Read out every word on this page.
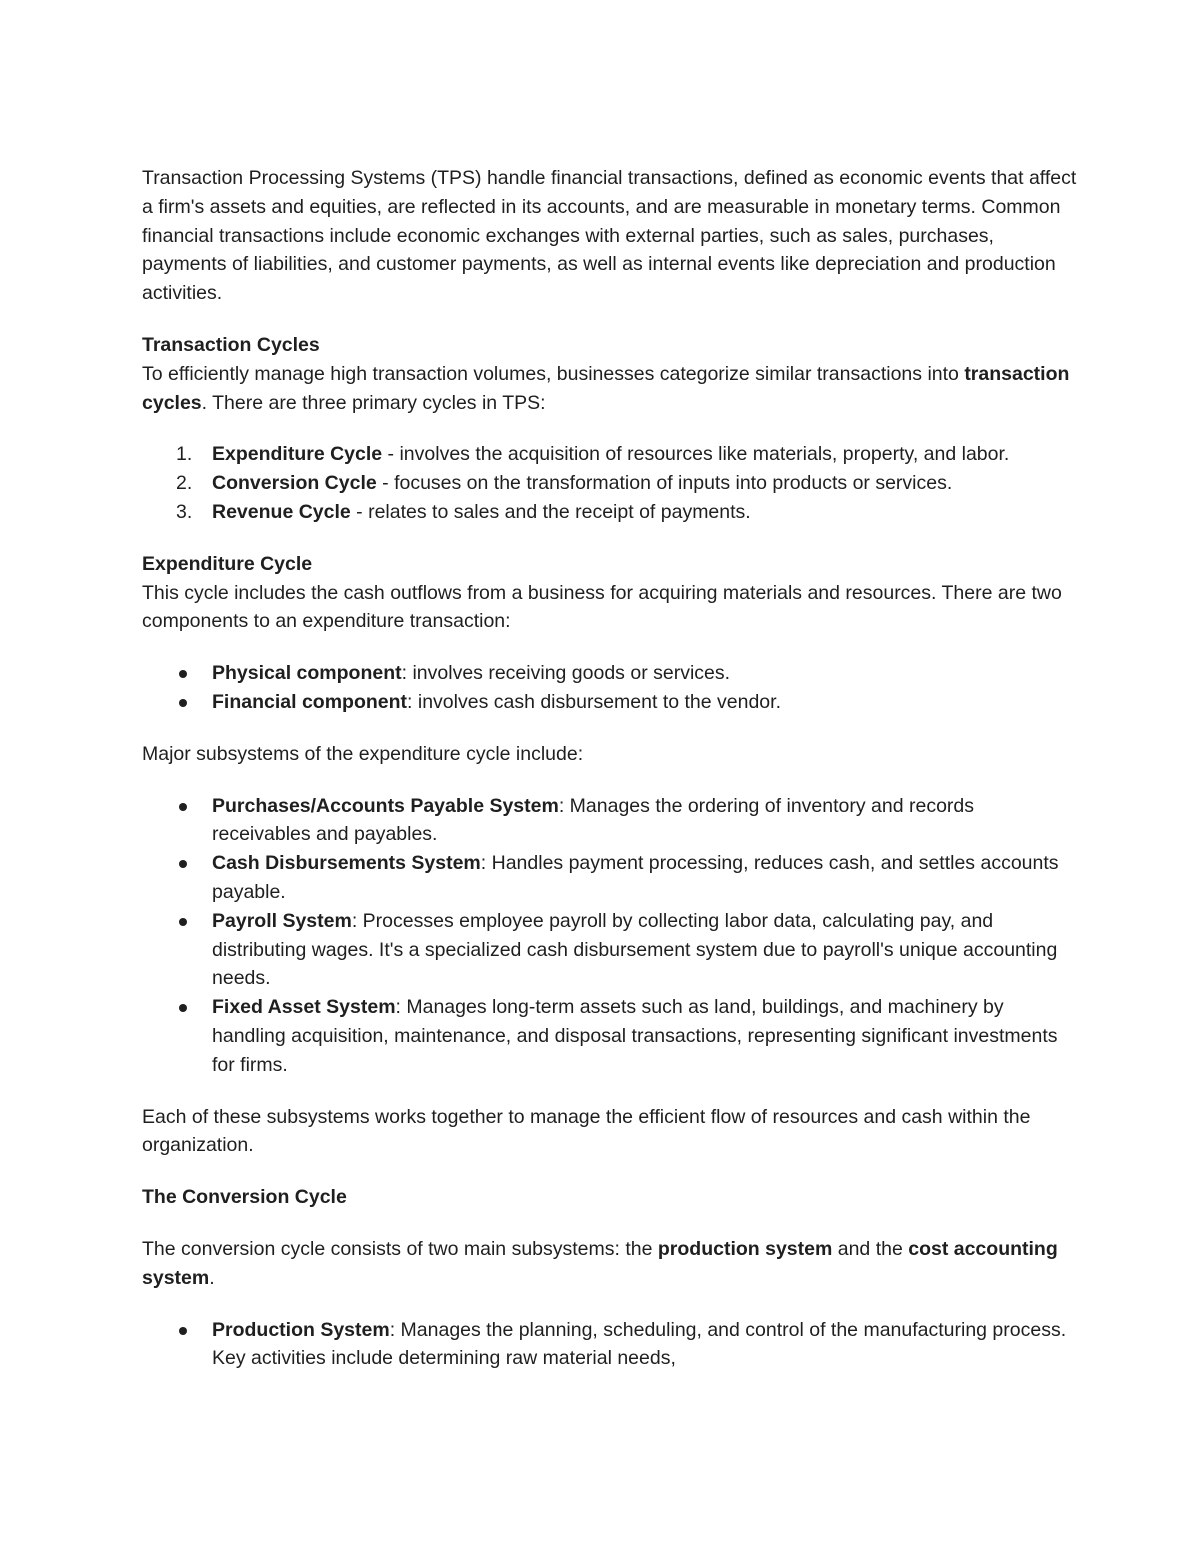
Transaction Processing Systems (TPS) handle financial transactions, defined as economic events that affect a firm's assets and equities, are reflected in its accounts, and are measurable in monetary terms. Common financial transactions include economic exchanges with external parties, such as sales, purchases, payments of liabilities, and customer payments, as well as internal events like depreciation and production activities.

Transaction Cycles

To efficiently manage high transaction volumes, businesses categorize similar transactions into transaction cycles. There are three primary cycles in TPS:

1.	Expenditure Cycle - involves the acquisition of resources like materials, property, and labor.
2.	Conversion Cycle - focuses on the transformation of inputs into products or services.
3.	Revenue Cycle - relates to sales and the receipt of payments.

Expenditure Cycle

This cycle includes the cash outflows from a business for acquiring materials and resources. There are two components to an expenditure transaction:

Physical component: involves receiving goods or services.
Financial component: involves cash disbursement to the vendor.

Major subsystems of the expenditure cycle include:

Purchases/Accounts Payable System: Manages the ordering of inventory and records receivables and payables.
Cash Disbursements System: Handles payment processing, reduces cash, and settles accounts payable.
Payroll System: Processes employee payroll by collecting labor data, calculating pay, and distributing wages. It's a specialized cash disbursement system due to payroll's unique accounting needs.
Fixed Asset System: Manages long-term assets such as land, buildings, and machinery by handling acquisition, maintenance, and disposal transactions, representing significant investments for firms.

Each of these subsystems works together to manage the efficient flow of resources and cash within the organization.

The Conversion Cycle

The conversion cycle consists of two main subsystems: the production system and the cost accounting system.

Production System: Manages the planning, scheduling, and control of the manufacturing process. Key activities include determining raw material needs,
